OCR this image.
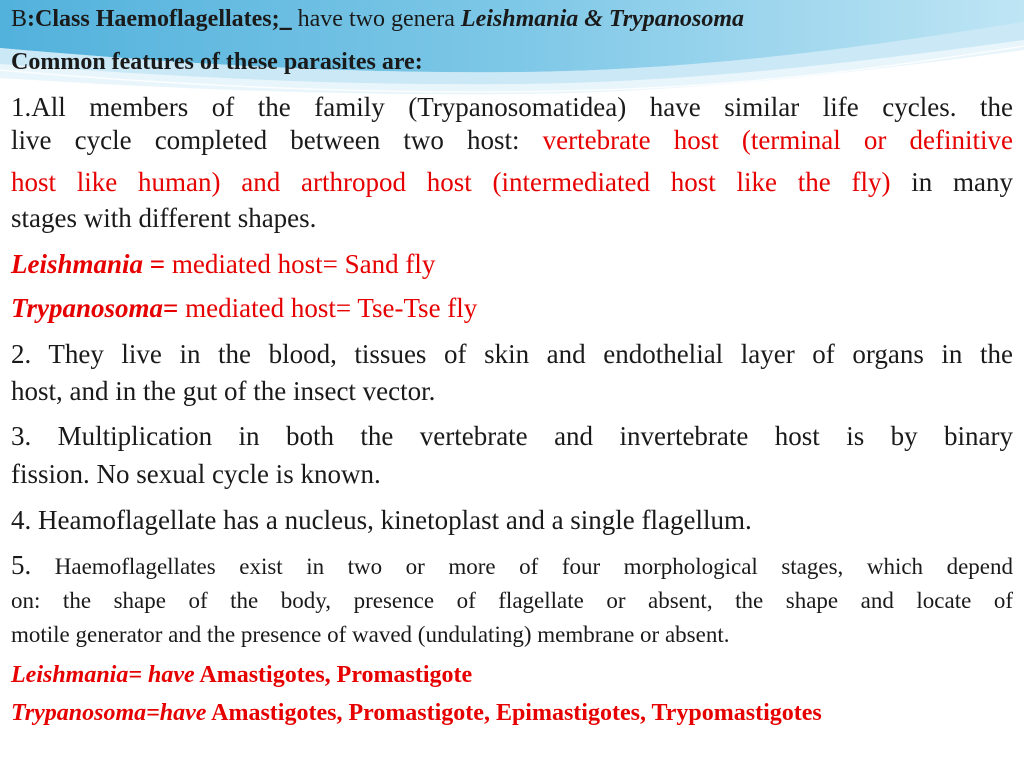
B:Class Haemoflagellates;_ have two genera Leishmania & Trypanosoma
Common features of these parasites are:
1.All members of the family (Trypanosomatidea) have similar life cycles. the
live cycle completed between two host: vertebrate host (terminal or definitive
host like human) and arthropod host (intermediated host like the fly) in many
stages with different shapes.
Leishmania = mediated host= Sand fly
Trypanosoma= mediated host= Tse-Tse fly
2. They live in the blood, tissues of skin and endothelial layer of organs in the
host, and in the gut of the insect vector.
3. Multiplication in both the vertebrate and invertebrate host is by binary
fission. No sexual cycle is known.
4. Heamoflagellate has a nucleus, kinetoplast and a single flagellum.
5. Haemoflagellates exist in two or more of four morphological stages, which depend
on: the shape of the body, presence of flagellate or absent, the shape and locate of
motile generator and the presence of waved (undulating) membrane or absent.
Leishmania= have Amastigotes, Promastigote
Trypanosoma=have Amastigotes, Promastigote, Epimastigotes, Trypomastigotes
